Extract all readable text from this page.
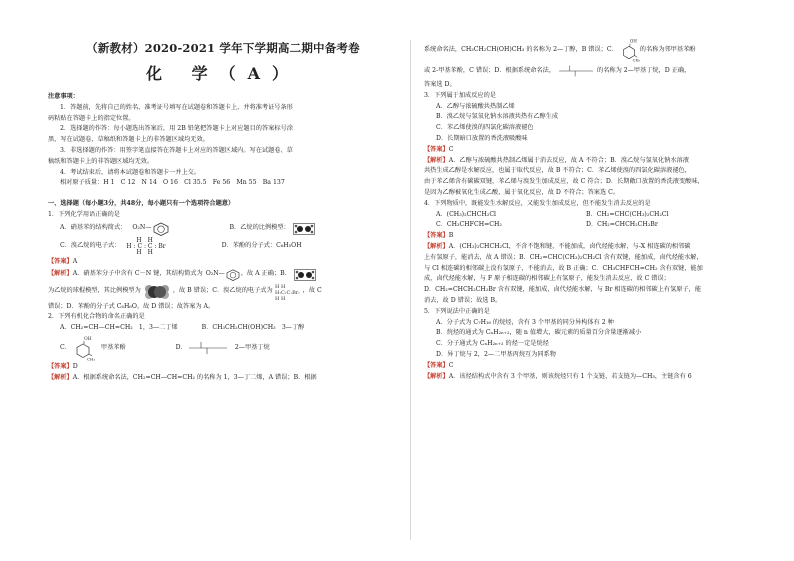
（新教材）2020-2021 学年下学期高二期中备考卷
化 学（A）
注意事项：
1．答题前，先将自己的姓名、准考证号填写在试题卷和答题卡上，并将准考证号条形
码粘贴在答题卡上的指定位置。
2．选择题的作答：每小题选出答案后，用 2B 铅笔把答题卡上对应题目的答案标号涂
黑，写在试题卷、草稿纸和答题卡上的非答题区域均无效。
3．非选择题的作答：用签字笔直接答在答题卡上对应的答题区域内。写在试题卷、草
稿纸和答题卡上的非答题区域均无效。
4．考试结束后，请将本试题卷和答题卡一并上交。
相对原子质量：H 1　C 12　N 14　O 16　Cl 35.5　Fe 56　Mn 55　Ba 137
一、选择题（每小题3分，共48分，每小题只有一个选项符合题意）
1．下列化学用语正确的是
A．硝基苯的结构简式： O₂N—	B．乙烷的比例模型：
C．溴乙烷的电子式：
H　H
H : C : C : Br
H　H
D．苯酚的分子式：C₆H₅OH
【答案】A
【解析】 A．硝基苯分子中含有 C－N 键，其结构简式为 O₂N—	，故 A 正确；B．
为乙烷的球棍模型，其比例模型为	，故 B 错误；C．溴乙烷的电子式为
H H
H:C:C:Br:
H H
，故 C
错误；D．苯酚的分子式 C₆H₆O，故 D 错误；故答案为 A。
2．下列有机化合物的命名正确的是
A．CH₂=CH—CH=CH₂　1，3—二丁烯	B．CH₃CH₂CH(OH)CH₃　3—丁醇
C．
OH
CH₃
甲基苯酚	D．	2—甲基丁烷
【答案】D
【解析】A．根据系统命名法，CH₂=CH—CH=CH₂ 的名称为 1，3—丁二烯，A 错误；B．根据
系统命名法，CH₃CH₂CH(OH)CH₃ 的名称为 2—丁醇，B 错误；C．
OH
CH₃
的名称为邻甲基苯酚
或 2-甲基苯酚，C 错误；D．根据系统命名法，	的名称为 2—甲基丁烷，D 正确，
答案选 D。
3．下列属于加成反应的是
A．乙醇与浓硫酸共热制乙烯
B．溴乙烷与氢氧化钠水溶液共热有乙醇生成
C．苯乙烯使溴的四氯化碳溶液褪色
D．长期暗口放置的香洗液吸酸味
【答案】C
【解析】A．乙醇与浓硫酸共热制乙烯属于消去反应，故 A 不符合；B．溴乙烷与氢氧化钠水溶液
共热生成乙醇是水解反应，也属于取代反应，故 B 不符合；C．苯乙烯使溴的四氯化碳溶液褪色，
由于苯乙烯含有碳碳双键，苯乙烯与溴发生加成反应，故 C 符合；D．长期敞口放置的香洗液变酸味，
是因为乙醇被氧化生成乙酸，属于氧化反应，故 D 不符合；答案选 C。
4．下列物质中，既能发生水解反应，又能发生加成反应，但不能发生消去反应的是
A．(CH₃)₂CHCH₂Cl	B．CH₂=CHC(CH₃)₂CH₂Cl
C．CH₃CHFCH=CH₂	D．CH₂=CHCH₂CH₂Br
【答案】B
【解析】A．(CH₃)₂CHCH₂Cl，不含不饱和键，不能加成，卤代烃能水解，与-X 相连碳的相邻碳
上有氢原子，能消去，故 A 错误；B．CH₂=CHC(CH₃)₂CH₂Cl 含有双键，能加成，卤代烃能水解，
与 Cl 相连碳的相邻碳上没有氢原子，不能消去，故 B 正确；C．CH₃CHFCH=CH₂ 含有双键，能加
成，卤代烃能水解，与 F 原子相连碳的相邻碳上有氢原子，能发生消去反应，故 C 错误；
D．CH₂=CHCH₂CH₂Br 含有双键，能加成，卤代烃能水解，与 Br 相连碳的相邻碳上有氢原子，能
消去，故 D 错误；故选 B。
5．下列说法中正确的是
A．分子式为 C₇H₁₆ 的烷烃，含有 3 个甲基的同分异构体有 2 种
B．烷烃的通式为 CₙH₂ₙ₊₂，随 n 值增大，碳元素的质量百分含量逐渐减小
C．分子通式为 CₙH₂ₙ₊₂ 的烃一定是烷烃
D．异丁烷与 2，2—二甲基丙烷互为同系物
【答案】C
【解析】A．该烃结构式中含有 3 个甲基，则该烷烃只有 1 个支链，若支链为—CH₃，主链含有 6
